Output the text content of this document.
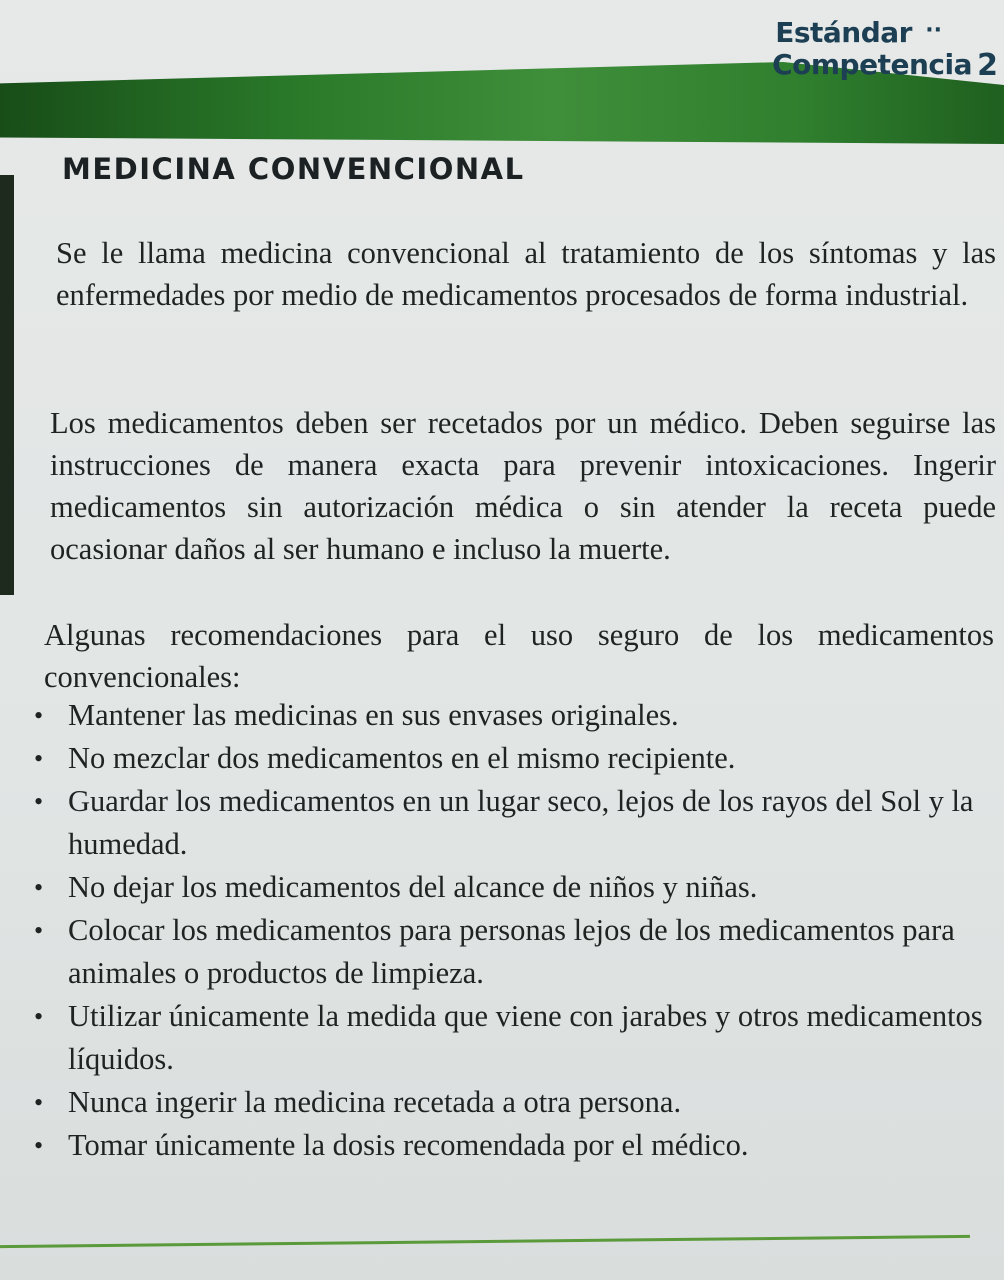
Estándar ··
Competencia 2
MEDICINA CONVENCIONAL

Se le llama medicina convencional al tratamiento de los síntomas y las enfermedades por medio de medicamentos procesados de forma industrial.

Los medicamentos deben ser recetados por un médico. Deben seguirse las instrucciones de manera exacta para prevenir intoxicaciones. Ingerir medicamentos sin autorización médica o sin atender la receta puede ocasionar daños al ser humano e incluso la muerte.

Algunas recomendaciones para el uso seguro de los medicamentos convencionales:

• Mantener las medicinas en sus envases originales.
• No mezclar dos medicamentos en el mismo recipiente.
• Guardar los medicamentos en un lugar seco, lejos de los rayos del Sol y la humedad.
• No dejar los medicamentos del alcance de niños y niñas.
• Colocar los medicamentos para personas lejos de los medicamentos para animales o productos de limpieza.
• Utilizar únicamente la medida que viene con jarabes y otros medicamentos líquidos.
• Nunca ingerir la medicina recetada a otra persona.
• Tomar únicamente la dosis recomendada por el médico.
